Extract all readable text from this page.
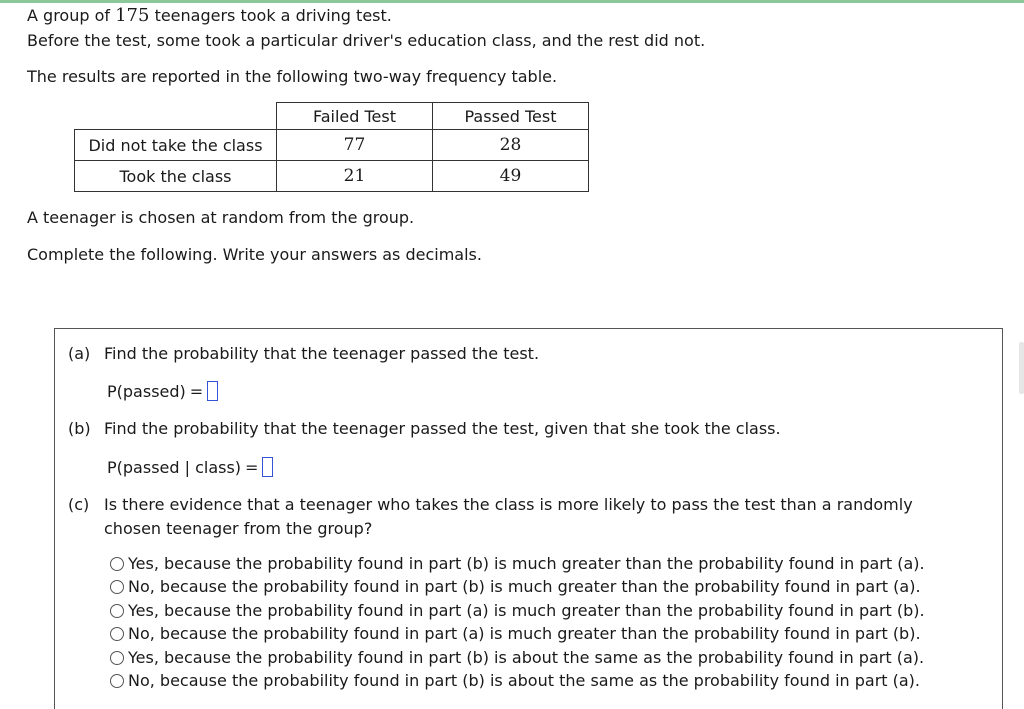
A group of 175 teenagers took a driving test.
Before the test, some took a particular driver's education class, and the rest did not.
The results are reported in the following two-way frequency table.
	Failed Test	Passed Test
Did not take the class	77	28
Took the class	21	49
A teenager is chosen at random from the group.
Complete the following. Write your answers as decimals.
(a) Find the probability that the teenager passed the test.
P(passed) =
(b) Find the probability that the teenager passed the test, given that she took the class.
P(passed | class) =
(c) Is there evidence that a teenager who takes the class is more likely to pass the test than a randomly
chosen teenager from the group?
Yes, because the probability found in part (b) is much greater than the probability found in part (a).
No, because the probability found in part (b) is much greater than the probability found in part (a).
Yes, because the probability found in part (a) is much greater than the probability found in part (b).
No, because the probability found in part (a) is much greater than the probability found in part (b).
Yes, because the probability found in part (b) is about the same as the probability found in part (a).
No, because the probability found in part (b) is about the same as the probability found in part (a).
